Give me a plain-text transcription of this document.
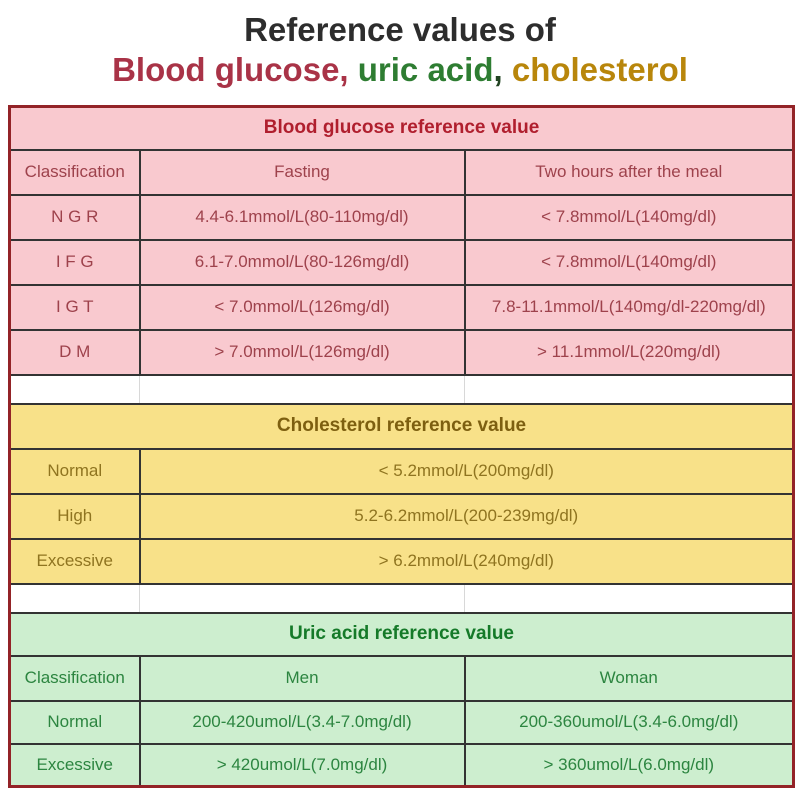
Reference values of
Blood glucose, uric acid, cholesterol
Blood glucose reference value		
Classification	Fasting	Two hours after the meal
N G R	4.4-6.1mmol/L(80-110mg/dl)	< 7.8mmol/L(140mg/dl)
I F G	6.1-7.0mmol/L(80-126mg/dl)	< 7.8mmol/L(140mg/dl)
I G T	< 7.0mmol/L(126mg/dl)	7.8-11.1mmol/L(140mg/dl-220mg/dl)
D M	> 7.0mmol/L(126mg/dl)	> 11.1mmol/L(220mg/dl)

Cholesterol reference value		
Normal	< 5.2mmol/L(200mg/dl)	
High	5.2-6.2mmol/L(200-239mg/dl)	
Excessive	> 6.2mmol/L(240mg/dl)	

Uric acid reference value		
Classification	Men	Woman
Normal	200-420umol/L(3.4-7.0mg/dl)	200-360umol/L(3.4-6.0mg/dl)
Excessive	> 420umol/L(7.0mg/dl)	> 360umol/L(6.0mg/dl)
